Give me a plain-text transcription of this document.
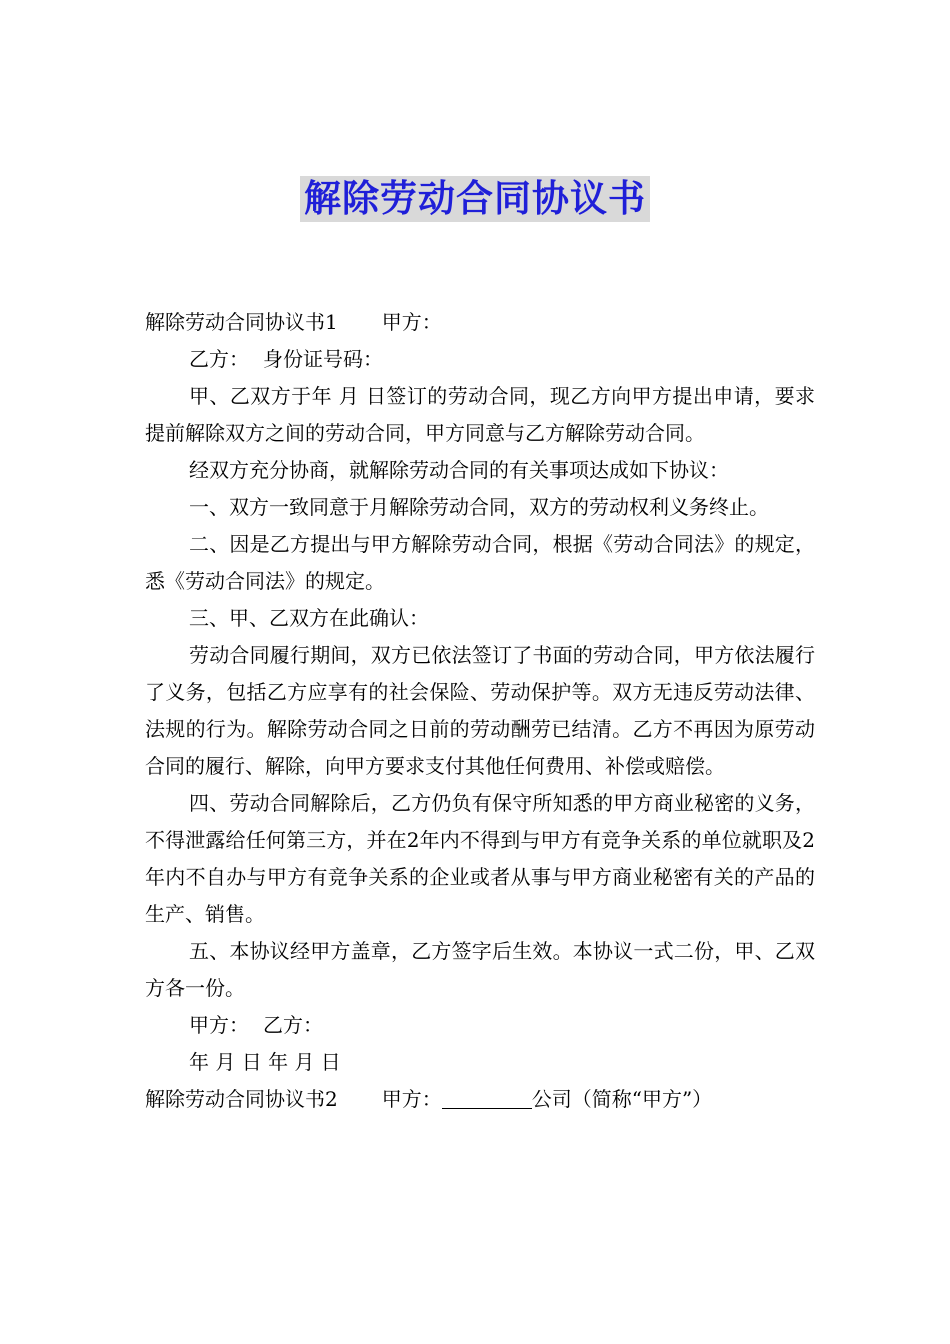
解除劳动合同协议书

解除劳动合同协议书1 甲方：

乙方： 身份证号码：

甲、乙双方于年 月 日签订的劳动合同，现乙方向甲方提出申请，要求提前解除双方之间的劳动合同，甲方同意与乙方解除劳动合同。

经双方充分协商，就解除劳动合同的有关事项达成如下协议：

一、双方一致同意于月解除劳动合同，双方的劳动权利义务终止。

二、因是乙方提出与甲方解除劳动合同，根据《劳动合同法》的规定，悉《劳动合同法》的规定。

三、甲、乙双方在此确认：

劳动合同履行期间，双方已依法签订了书面的劳动合同，甲方依法履行了义务，包括乙方应享有的社会保险、劳动保护等。双方无违反劳动法律、法规的行为。解除劳动合同之日前的劳动酬劳已结清。乙方不再因为原劳动合同的履行、解除，向甲方要求支付其他任何费用、补偿或赔偿。

四、劳动合同解除后，乙方仍负有保守所知悉的甲方商业秘密的义务，不得泄露给任何第三方，并在2年内不得到与甲方有竞争关系的单位就职及2年内不自办与甲方有竞争关系的企业或者从事与甲方商业秘密有关的产品的生产、销售。

五、本协议经甲方盖章，乙方签字后生效。本协议一式二份，甲、乙双方各一份。

甲方： 乙方：

年 月 日 年 月 日

解除劳动合同协议书2 甲方：	公司（简称“甲方”）
